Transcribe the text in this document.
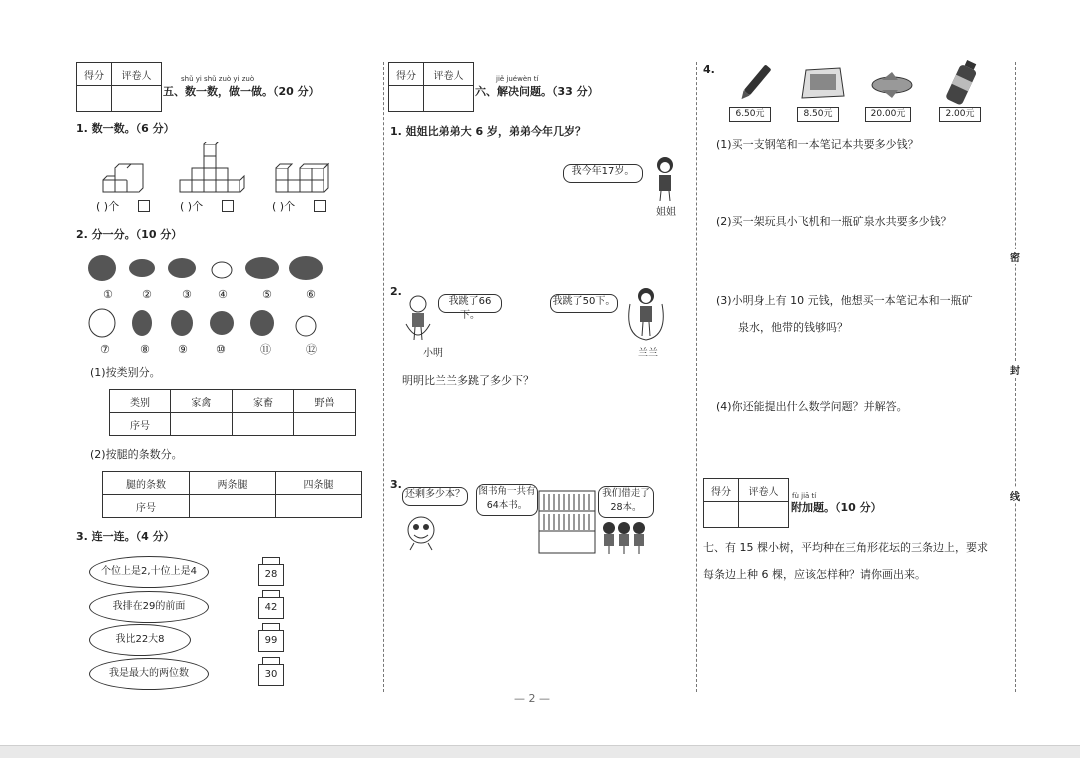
得分	评卷人
		shǔ yi shǔ zuò yi zuò
五、数一数，做一做。（20 分）
1. 数一数。（6 分）
( )个	( )个	( )个
2. 分一分。（10 分）
①	②	③ ④	⑤	⑥
⑦	⑧	⑨	⑩	⑪	⑫
(1)按类别分。
类别	家禽	家畜	野兽
序号			
(2)按腿的条数分。
腿的条数	两条腿	四条腿
序号		
3. 连一连。（4 分）
个位上是2,十位上是4
我排在29的前面
我比22大8
我是最大的两位数
28
42
99
30
得分	评卷人
		jiě juéwèn tí
六、解决问题。（33 分）
1. 姐姐比弟弟大 6 岁，弟弟今年几岁？
我今年17岁。
姐姐
2.
我跳了66下。
小明
我跳了50下。
兰兰
明明比兰兰多跳了多少下？
3.
还剩多少本？	图书角一共有64本书。
我们借走了28本。
— 2 —
4.
6.50元	8.50元	20.00元	2.00元
(1)买一支钢笔和一本笔记本共要多少钱？
(2)买一架玩具小飞机和一瓶矿泉水共要多少钱？
(3)小明身上有 10 元钱，他想买一本笔记本和一瓶矿
泉水，他带的钱够吗？
(4)你还能提出什么数学问题？并解答。
得分	评卷人
	fù jiā tí
附加题。（10 分）
七、有 15 棵小树，平均种在三角形花坛的三条边上，要求
每条边上种 6 棵，应该怎样种？请你画出来。
密
封
线
